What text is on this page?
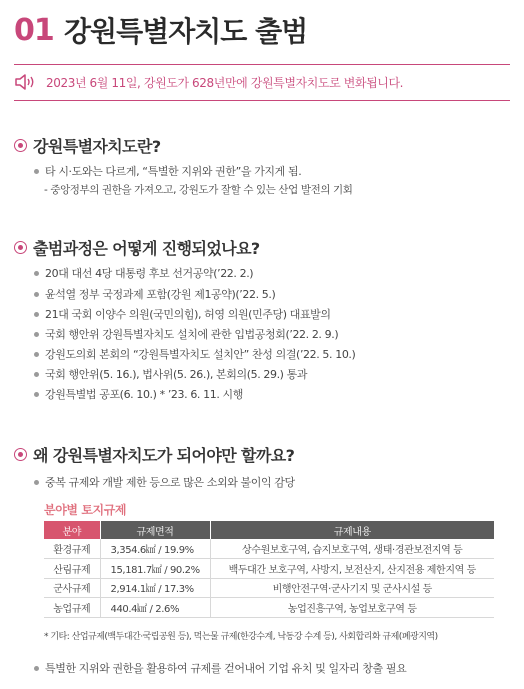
01 강원특별자치도 출범
2023년 6월 11일, 강원도가 628년만에 강원특별자치도로 변화됩니다.
강원특별자치도란?
타 시·도와는 다르게, “특별한 지위와 권한”을 가지게 됨.
- 중앙정부의 권한을 가져오고, 강원도가 잘할 수 있는 산업 발전의 기회
출범과정은 어떻게 진행되었나요?
20대 대선 4당 대통령 후보 선거공약(’22. 2.)
윤석열 정부 국정과제 포함(강원 제1공약)(’22. 5.)
21대 국회 이양수 의원(국민의힘), 허영 의원(민주당) 대표발의
국회 행안위 강원특별자치도 설치에 관한 입법공청회(’22. 2. 9.)
강원도의회 본회의 “강원특별자치도 설치안” 찬성 의결(’22. 5. 10.)
국회 행안위(5. 16.), 법사위(5. 26.), 본회의(5. 29.) 통과
강원특별법 공포(6. 10.) * ’23. 6. 11. 시행
왜 강원특별자치도가 되어야만 할까요?
중복 규제와 개발 제한 등으로 많은 소외와 불이익 감당
분야별 토지규제
분야	규제면적	규제내용
환경규제	3,354.6㎢ / 19.9%	상수원보호구역, 습지보호구역, 생태·경관보전지역 등
산림규제	15,181.7㎢ / 90.2%	백두대간 보호구역, 사방지, 보전산지, 산지전용 제한지역 등
군사규제	2,914.1㎢ / 17.3%	비행안전구역·군사기지 및 군사시설 등
농업규제	440.4㎢ / 2.6%	농업진흥구역, 농업보호구역 등
* 기타: 산업규제(백두대간·국립공원 등), 먹는물 규제(한강수계, 낙동강 수계 등), 사회합리화 규제(폐광지역)
특별한 지위와 권한을 활용하여 규제를 걷어내어 기업 유치 및 일자리 창출 필요
